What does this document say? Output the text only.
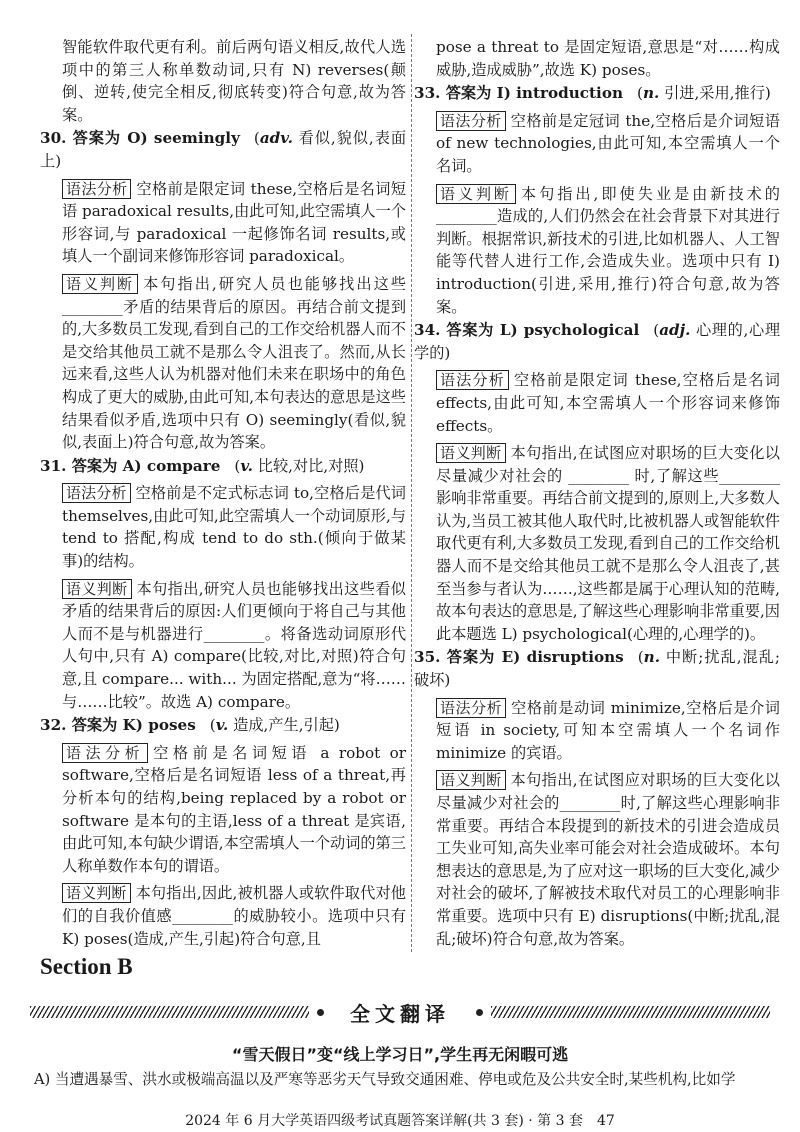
智能软件取代更有利。前后两句语义相反,故代人选项中的第三人称单数动词,只有 N) reverses(颠倒、逆转,使完全相反,彻底转变)符合句意,故为答案。

30. 答案为 O) seemingly (adv. 看似,貌似,表面上)

语法分析 空格前是限定词 these,空格后是名词短语 paradoxical results,由此可知,此空需填人一个形容词,与 paradoxical 一起修饰名词 results,或填人一个副词来修饰形容词 paradoxical。

语义判断 本句指出,研究人员也能够找出这些________矛盾的结果背后的原因。再结合前文提到的,大多数员工发现,看到自己的工作交给机器人而不是交给其他员工就不是那么令人沮丧了。然而,从长远来看,这些人认为机器对他们未来在职场中的角色构成了更大的威胁,由此可知,本句表达的意思是这些结果看似矛盾,选项中只有 O) seemingly(看似,貌似,表面上)符合句意,故为答案。

31. 答案为 A) compare (v. 比较,对比,对照)

语法分析 空格前是不定式标志词 to,空格后是代词 themselves,由此可知,此空需填人一个动词原形,与 tend to 搭配,构成 tend to do sth.(倾向于做某事)的结构。

语义判断 本句指出,研究人员也能够找出这些看似矛盾的结果背后的原因:人们更倾向于将自己与其他人而不是与机器进行________。将备选动词原形代人句中,只有 A) compare(比较,对比,对照)符合句意,且 compare... with... 为固定搭配,意为“将……与……比较”。故选 A) compare。

32. 答案为 K) poses (v. 造成,产生,引起)

语法分析 空格前是名词短语 a robot or software,空格后是名词短语 less of a threat,再分析本句的结构,being replaced by a robot or software 是本句的主语,less of a threat 是宾语,由此可知,本句缺少谓语,本空需填人一个动词的第三人称单数作本句的谓语。

语义判断 本句指出,因此,被机器人或软件取代对他们的自我价值感________的威胁较小。选项中只有 K) poses(造成,产生,引起)符合句意,且

pose a threat to 是固定短语,意思是“对……构成威胁,造成威胁”,故选 K) poses。

33. 答案为 I) introduction (n. 引进,采用,推行)

语法分析 空格前是定冠词 the,空格后是介词短语 of new technologies,由此可知,本空需填人一个名词。

语义判断 本句指出,即使失业是由新技术的________造成的,人们仍然会在社会背景下对其进行判断。根据常识,新技术的引进,比如机器人、人工智能等代替人进行工作,会造成失业。选项中只有 I) introduction(引进,采用,推行)符合句意,故为答案。

34. 答案为 L) psychological (adj. 心理的,心理学的)

语法分析 空格前是限定词 these,空格后是名词 effects,由此可知,本空需填人一个形容词来修饰 effects。

语义判断 本句指出,在试图应对职场的巨大变化以尽量减少对社会的 ________ 时,了解这些________影响非常重要。再结合前文提到的,原则上,大多数人认为,当员工被其他人取代时,比被机器人或智能软件取代更有利,大多数员工发现,看到自己的工作交给机器人而不是交给其他员工就不是那么令人沮丧了,甚至当参与者认为……,这些都是属于心理认知的范畴,故本句表达的意思是,了解这些心理影响非常重要,因此本题选 L) psychological(心理的,心理学的)。

35. 答案为 E) disruptions (n. 中断;扰乱,混乱;破坏)

语法分析 空格前是动词 minimize,空格后是介词短语 in society,可知本空需填人一个名词作 minimize 的宾语。

语义判断 本句指出,在试图应对职场的巨大变化以尽量减少对社会的________时,了解这些心理影响非常重要。再结合本段提到的新技术的引进会造成员工失业可知,高失业率可能会对社会造成破坏。本句想表达的意思是,为了应对这一职场的巨大变化,减少对社会的破坏,了解被技术取代对员工的心理影响非常重要。选项中只有 E) disruptions(中断;扰乱,混乱;破坏)符合句意,故为答案。

Section B
全文翻译
“雪天假日”变“线上学习日”,学生再无闲暇可逃
A) 当遭遇暴雪、洪水或极端高温以及严寒等恶劣天气导致交通困难、停电或危及公共安全时,某些机构,比如学
2024 年 6 月大学英语四级考试真题答案详解(共 3 套) · 第 3 套　47
